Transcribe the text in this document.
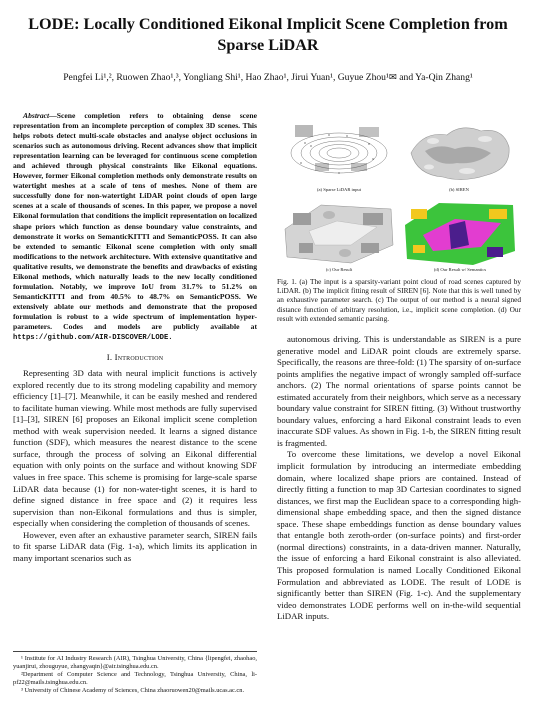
LODE: Locally Conditioned Eikonal Implicit Scene Completion from Sparse LiDAR
Pengfei Li¹,², Ruowen Zhao¹,³, Yongliang Shi¹, Hao Zhao¹, Jirui Yuan¹, Guyue Zhou¹✉ and Ya-Qin Zhang¹

Abstract—Scene completion refers to obtaining dense scene representation from an incomplete perception of complex 3D scenes. This helps robots detect multi-scale obstacles and analyse object occlusions in scenarios such as autonomous driving. Recent advances show that implicit representation learning can be leveraged for continuous scene completion and achieved through physical constraints like Eikonal equations. However, former Eikonal completion methods only demonstrate results on watertight meshes at a scale of tens of meshes. None of them are successfully done for non-watertight LiDAR point clouds of open large scenes at a scale of thousands of scenes. In this paper, we propose a novel Eikonal formulation that conditions the implicit representation on localized shape priors which function as dense boundary value constraints, and demonstrate it works on SemanticKITTI and SemanticPOSS. It can also be extended to semantic Eikonal scene completion with only small modifications to the network architecture. With extensive quantitative and qualitative results, we demonstrate the benefits and drawbacks of existing Eikonal methods, which naturally leads to the new locally conditioned formulation. Notably, we improve IoU from 31.7% to 51.2% on SemanticKITTI and from 40.5% to 48.7% on SemanticPOSS. We extensively ablate our methods and demonstrate that the proposed formulation is robust to a wide spectrum of implementation hyper-parameters. Codes and models are publicly available at https://github.com/AIR-DISCOVER/LODE.

I. Introduction

Representing 3D data with neural implicit functions is actively explored recently due to its strong modeling capability and memory efficiency [1]–[7]. Meanwhile, it can be easily meshed and rendered to facilitate human viewing. While most methods are fully supervised [1]–[3], SIREN [6] proposes an Eikonal implicit scene completion method with weak supervision needed. It learns a signed distance function (SDF), which measures the nearest distance to the scene surface, through the process of solving an Eikonal differential equation with only points on the surface and without knowing SDF values in free space. This scheme is promising for large-scale sparse LiDAR data because (1) for non-water-tight scenes, it is hard to define signed distance in free space and (2) it requires less supervision than non-Eikonal formulations and thus is simpler, especially when considering the completion of thousands of scenes.

However, even after an exhaustive parameter search, SIREN fails to fit sparse LiDAR data (Fig. 1-a), which limits its application in many important scenarios such as

¹ Institute for AI Industry Research (AIR), Tsinghua University, China {lipengfei, zhaohao, yuanjirui, zhouguyue, zhangyaqin}@air.tsinghua.edu.cn.

²Department of Computer Science and Technology, Tsinghua University, China, li-pf22@mails.tsinghua.edu.cn.

³ University of Chinese Academy of Sciences, China zhaoruowen20@mails.ucas.ac.cn.

(a) Sparse LiDAR input	(b) SIREN
(c) Our Result	(d) Our Result w/ Semantics

Fig. 1. (a) The input is a sparsity-variant point cloud of road scenes captured by LiDAR. (b) The implicit fitting result of SIREN [6]. Note that this is well tuned by an exhaustive parameter search. (c) The output of our method is a neural signed distance function of arbitrary resolution, i.e., implicit scene completion. (d) Our result with extended semantic parsing.

autonomous driving. This is understandable as SIREN is a pure generative model and LiDAR point clouds are extremely sparse. Specifically, the reasons are three-fold: (1) The sparsity of on-surface points amplifies the negative impact of wrongly sampled off-surface anchors. (2) The normal orientations of sparse points cannot be estimated accurately from their neighbors, which serve as a necessary boundary value constraint for SIREN fitting. (3) Without trustworthy boundary values, enforcing a hard Eikonal constraint leads to even inaccurate SDF values. As shown in Fig. 1-b, the SIREN fitting result is fragmented.

To overcome these limitations, we develop a novel Eikonal implicit formulation by introducing an intermediate embedding domain, where localized shape priors are contained. Instead of directly fitting a function to map 3D Cartesian coordinates to signed distances, we first map the Euclidean space to a corresponding high-dimensional shape embedding space, and then the signed distance space. These shape embeddings function as dense boundary values that entangle both zeroth-order (on-surface points) and first-order (normal directions) constraints, in a data-driven manner. Naturally, the issue of enforcing a hard Eikonal constraint is also alleviated. This proposed formulation is named Locally Conditioned Eikonal Formulation and abbreviated as LODE. The result of LODE is significantly better than SIREN (Fig. 1-c). And the supplementary video demonstrates LODE performs well on in-the-wild sequential LiDAR inputs.
